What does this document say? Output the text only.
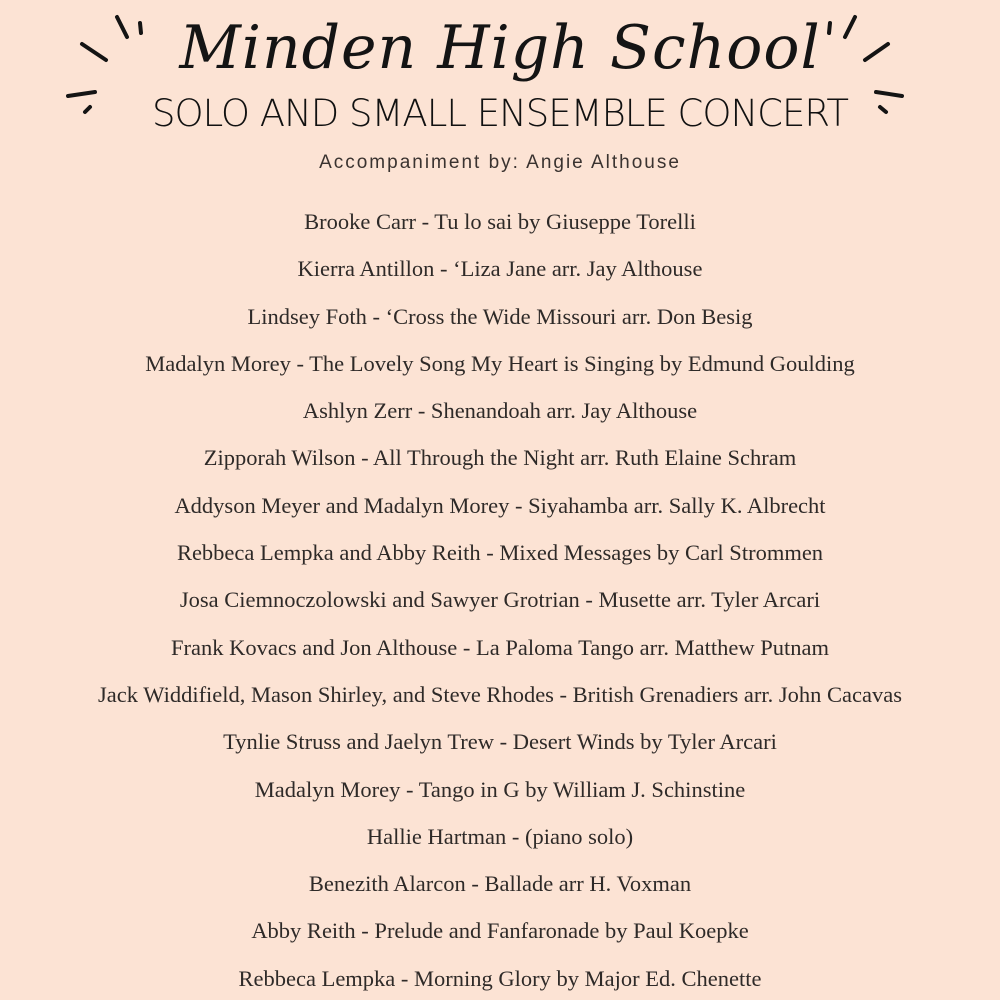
Minden High School
SOLO AND SMALL ENSEMBLE CONCERT
Accompaniment by: Angie Althouse
Brooke Carr - Tu lo sai by Giuseppe Torelli
Kierra Antillon - ‘Liza Jane arr. Jay Althouse
Lindsey Foth - ‘Cross the Wide Missouri arr. Don Besig
Madalyn Morey - The Lovely Song My Heart is Singing by Edmund Goulding
Ashlyn Zerr - Shenandoah arr. Jay Althouse
Zipporah Wilson - All Through the Night arr. Ruth Elaine Schram
Addyson Meyer and Madalyn Morey - Siyahamba arr. Sally K. Albrecht
Rebbeca Lempka and Abby Reith - Mixed Messages by Carl Strommen
Josa Ciemnoczolowski and Sawyer Grotrian - Musette arr. Tyler Arcari
Frank Kovacs and Jon Althouse - La Paloma Tango arr. Matthew Putnam
Jack Widdifield, Mason Shirley, and Steve Rhodes - British Grenadiers arr. John Cacavas
Tynlie Struss and Jaelyn Trew - Desert Winds by Tyler Arcari
Madalyn Morey - Tango in G by William J. Schinstine
Hallie Hartman - (piano solo)
Benezith Alarcon - Ballade arr H. Voxman
Abby Reith - Prelude and Fanfaronade by Paul Koepke
Rebbeca Lempka - Morning Glory by Major Ed. Chenette
